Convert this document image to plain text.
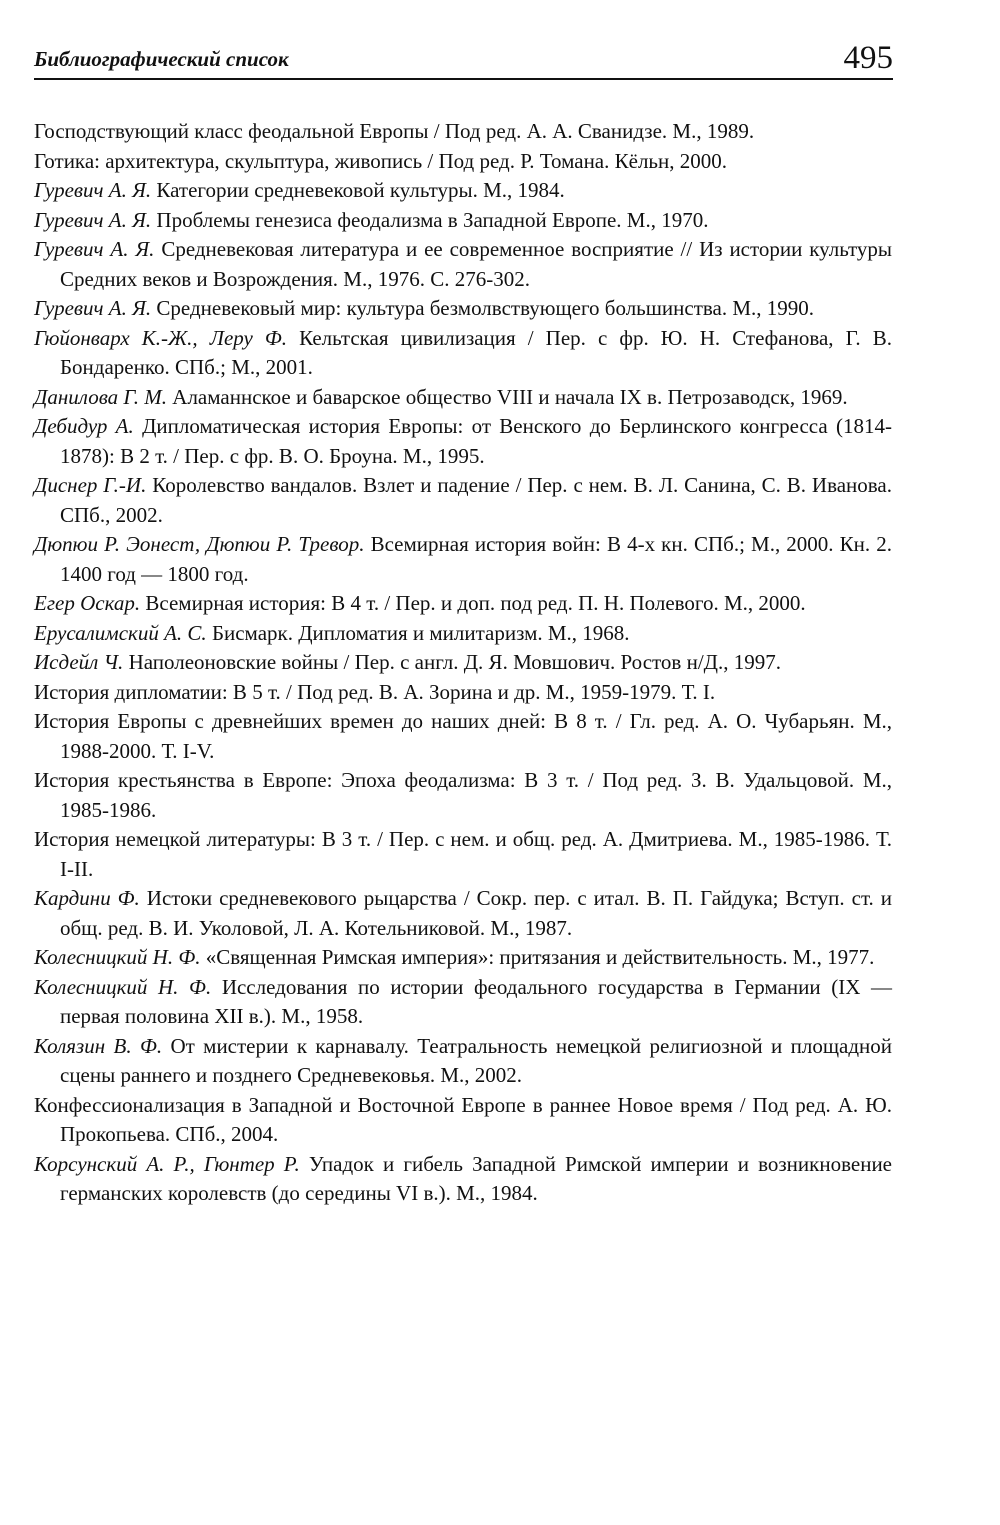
Библиографический список	495
Господствующий класс феодальной Европы / Под ред. А. А. Сванидзе. М., 1989.
Готика: архитектура, скульптура, живопись / Под ред. Р. Томана. Кёльн, 2000.
Гуревич А. Я. Категории средневековой культуры. М., 1984.
Гуревич А. Я. Проблемы генезиса феодализма в Западной Европе. М., 1970.
Гуревич А. Я. Средневековая литература и ее современное восприятие // Из истории культуры Средних веков и Возрождения. М., 1976. С. 276-302.
Гуревич А. Я. Средневековый мир: культура безмолвствующего большинства. М., 1990.
Гюйонварх К.-Ж., Леру Ф. Кельтская цивилизация / Пер. с фр. Ю. Н. Стефанова, Г. В. Бондаренко. СПб.; М., 2001.
Данилова Г. М. Аламаннское и баварское общество VIII и начала IX в. Петрозаводск, 1969.
Дебидур А. Дипломатическая история Европы: от Венского до Берлинского конгресса (1814-1878): В 2 т. / Пер. с фр. В. О. Броуна. М., 1995.
Диснер Г.-И. Королевство вандалов. Взлет и падение / Пер. с нем. В. Л. Санина, С. В. Иванова. СПб., 2002.
Дюпюи Р. Эонест, Дюпюи Р. Тревор. Всемирная история войн: В 4-х кн. СПб.; М., 2000. Кн. 2. 1400 год — 1800 год.
Егер Оскар. Всемирная история: В 4 т. / Пер. и доп. под ред. П. Н. Полевого. М., 2000.
Ерусалимский А. С. Бисмарк. Дипломатия и милитаризм. М., 1968.
Исдейл Ч. Наполеоновские войны / Пер. с англ. Д. Я. Мовшович. Ростов н/Д., 1997.
История дипломатии: В 5 т. / Под ред. В. А. Зорина и др. М., 1959-1979. Т. I.
История Европы с древнейших времен до наших дней: В 8 т. / Гл. ред. А. О. Чубарьян. М., 1988-2000. Т. I-V.
История крестьянства в Европе: Эпоха феодализма: В 3 т. / Под ред. З. В. Удальцовой. М., 1985-1986.
История немецкой литературы: В 3 т. / Пер. с нем. и общ. ред. А. Дмитриева. М., 1985-1986. Т. I-II.
Кардини Ф. Истоки средневекового рыцарства / Сокр. пер. с итал. В. П. Гайдука; Вступ. ст. и общ. ред. В. И. Уколовой, Л. А. Котельниковой. М., 1987.
Колесницкий Н. Ф. «Священная Римская империя»: притязания и действительность. М., 1977.
Колесницкий Н. Ф. Исследования по истории феодального государства в Германии (IX — первая половина XII в.). М., 1958.
Колязин В. Ф. От мистерии к карнавалу. Театральность немецкой религиозной и площадной сцены раннего и позднего Средневековья. М., 2002.
Конфессионализация в Западной и Восточной Европе в раннее Новое время / Под ред. А. Ю. Прокопьева. СПб., 2004.
Корсунский А. Р., Гюнтер Р. Упадок и гибель Западной Римской империи и возникновение германских королевств (до середины VI в.). М., 1984.
